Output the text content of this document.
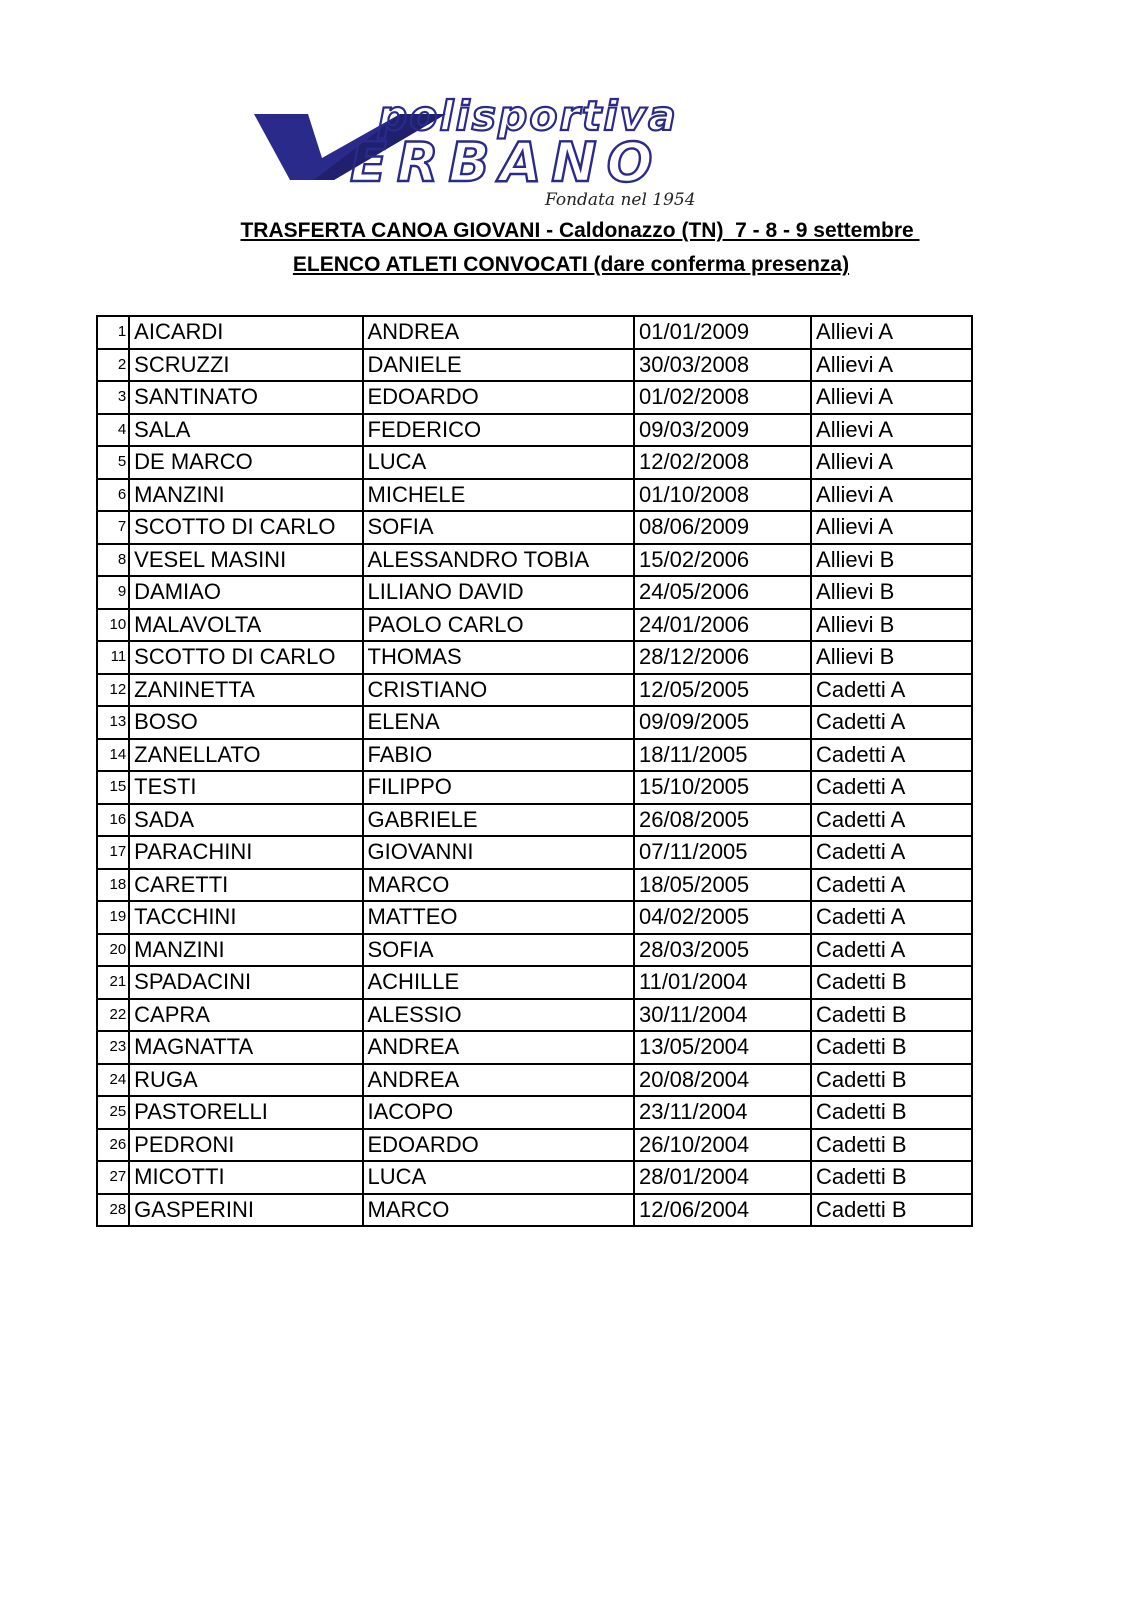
polisportiva
ERBANO
Fondata nel 1954
TRASFERTA CANOA GIOVANI - Caldonazzo (TN)  7 - 8 - 9 settembre
ELENCO ATLETI CONVOCATI (dare conferma presenza)
1	AICARDI	ANDREA	01/01/2009	Allievi A
2	SCRUZZI	DANIELE	30/03/2008	Allievi A
3	SANTINATO	EDOARDO	01/02/2008	Allievi A
4	SALA	FEDERICO	09/03/2009	Allievi A
5	DE MARCO	LUCA	12/02/2008	Allievi A
6	MANZINI	MICHELE	01/10/2008	Allievi A
7	SCOTTO DI CARLO	SOFIA	08/06/2009	Allievi A
8	VESEL MASINI	ALESSANDRO TOBIA	15/02/2006	Allievi B
9	DAMIAO	LILIANO DAVID	24/05/2006	Allievi B
10	MALAVOLTA	PAOLO CARLO	24/01/2006	Allievi B
11	SCOTTO DI CARLO	THOMAS	28/12/2006	Allievi B
12	ZANINETTA	CRISTIANO	12/05/2005	Cadetti A
13	BOSO	ELENA	09/09/2005	Cadetti A
14	ZANELLATO	FABIO	18/11/2005	Cadetti A
15	TESTI	FILIPPO	15/10/2005	Cadetti A
16	SADA	GABRIELE	26/08/2005	Cadetti A
17	PARACHINI	GIOVANNI	07/11/2005	Cadetti A
18	CARETTI	MARCO	18/05/2005	Cadetti A
19	TACCHINI	MATTEO	04/02/2005	Cadetti A
20	MANZINI	SOFIA	28/03/2005	Cadetti A
21	SPADACINI	ACHILLE	11/01/2004	Cadetti B
22	CAPRA	ALESSIO	30/11/2004	Cadetti B
23	MAGNATTA	ANDREA	13/05/2004	Cadetti B
24	RUGA	ANDREA	20/08/2004	Cadetti B
25	PASTORELLI	IACOPO	23/11/2004	Cadetti B
26	PEDRONI	EDOARDO	26/10/2004	Cadetti B
27	MICOTTI	LUCA	28/01/2004	Cadetti B
28	GASPERINI	MARCO	12/06/2004	Cadetti B
